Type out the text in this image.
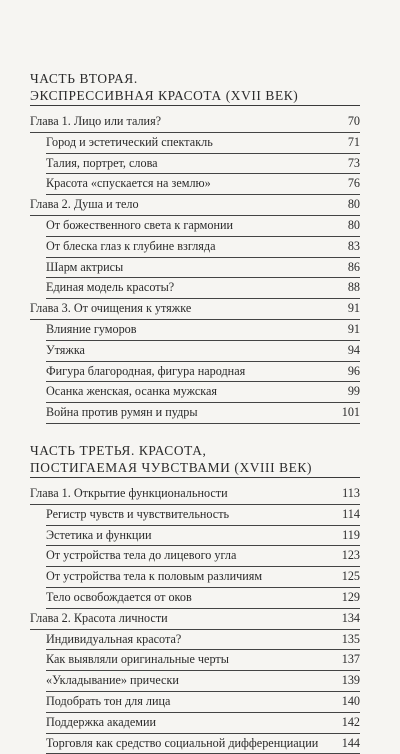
ЧАСТЬ ВТОРАЯ.
ЭКСПРЕССИВНАЯ КРАСОТА (XVII ВЕК)
Глава 1. Лицо или талия?	70
Город и эстетический спектакль	71
Талия, портрет, слова	73
Красота «спускается на землю»	76
Глава 2. Душа и тело	80
От божественного света к гармонии	80
От блеска глаз к глубине взгляда	83
Шарм актрисы	86
Единая модель красоты?	88
Глава 3. От очищения к утяжке	91
Влияние гуморов	91
Утяжка	94
Фигура благородная, фигура народная	96
Осанка женская, осанка мужская	99
Война против румян и пудры	101
ЧАСТЬ ТРЕТЬЯ. КРАСОТА,
ПОСТИГАЕМАЯ ЧУВСТВАМИ (XVIII ВЕК)
Глава 1. Открытие функциональности	113
Регистр чувств и чувствительность	114
Эстетика и функции	119
От устройства тела до лицевого угла	123
От устройства тела к половым различиям	125
Тело освобождается от оков	129
Глава 2. Красота личности	134
Индивидуальная красота?	135
Как выявляли оригинальные черты	137
«Укладывание» прически	139
Подобрать тон для лица	140
Поддержка академии	142
Торговля как средство социальной дифференциации	144
